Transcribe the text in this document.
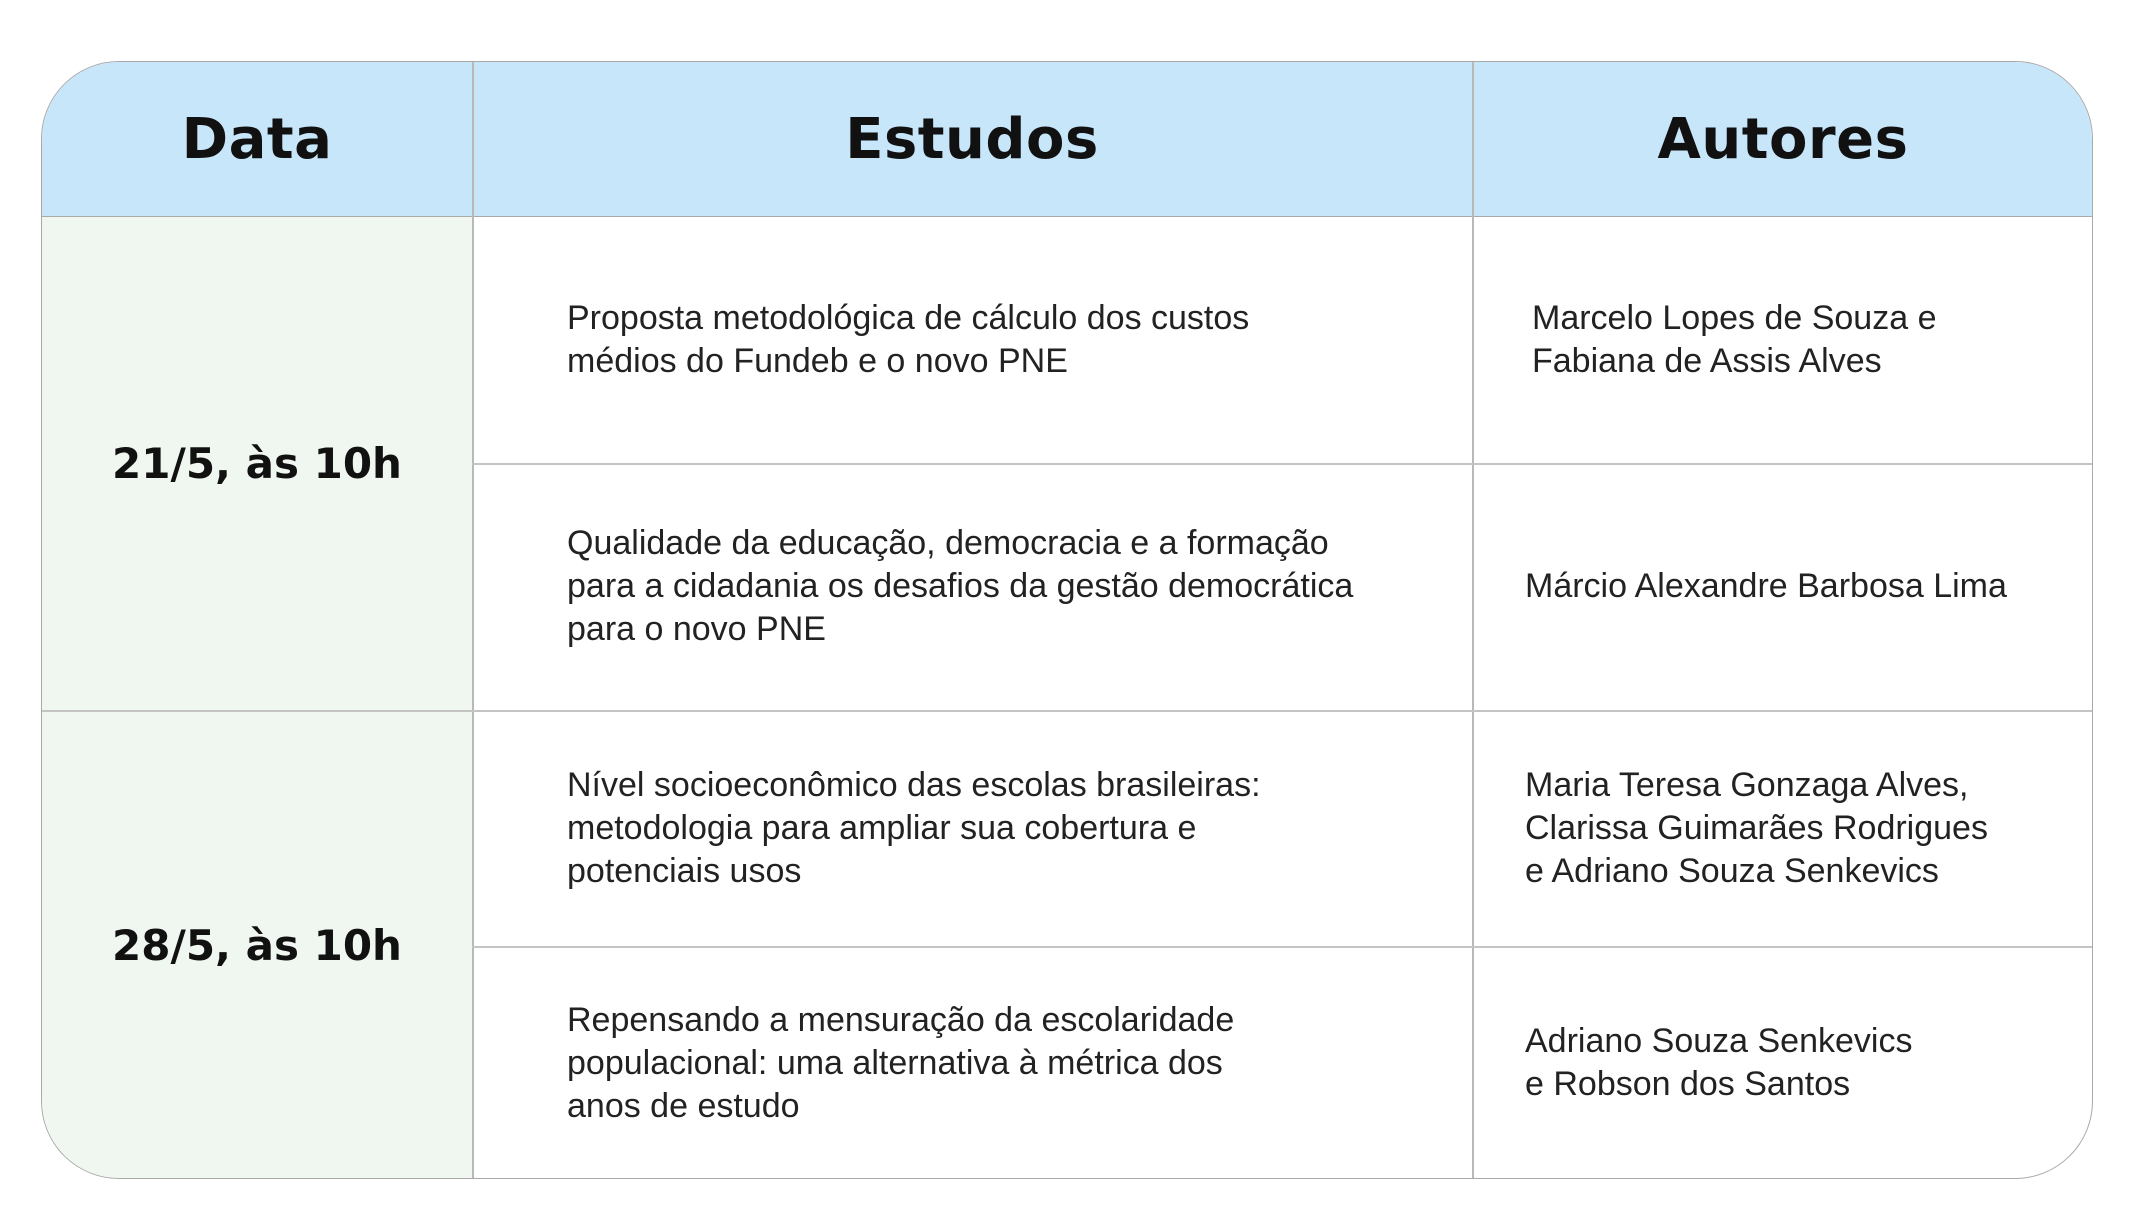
Data	Estudos	Autores
21/5, às 10h
28/5, às 10h
Proposta metodológica de cálculo dos custos
médios do Fundeb e o novo PNE
Marcelo Lopes de Souza e
Fabiana de Assis Alves
Qualidade da educação, democracia e a formação
para a cidadania os desafios da gestão democrática
para o novo PNE
Márcio Alexandre Barbosa Lima
Nível socioeconômico das escolas brasileiras:
metodologia para ampliar sua cobertura e
potenciais usos
Maria Teresa Gonzaga Alves,
Clarissa Guimarães Rodrigues
e Adriano Souza Senkevics
Repensando a mensuração da escolaridade
populacional: uma alternativa à métrica dos
anos de estudo
Adriano Souza Senkevics
e Robson dos Santos
